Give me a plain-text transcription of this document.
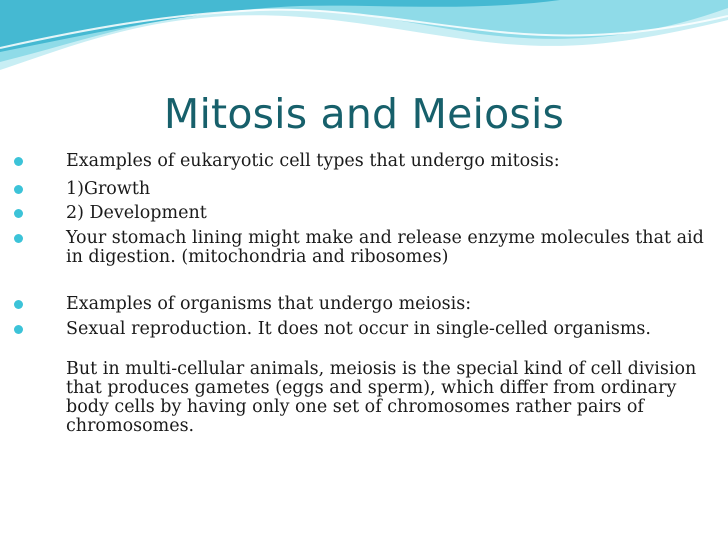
Mitosis and Meiosis
Examples of eukaryotic cell types that undergo mitosis:
1)Growth
2) Development
Your stomach lining might make and release enzyme molecules that aid in digestion. (mitochondria and ribosomes)
Examples of organisms that undergo meiosis:
Sexual reproduction. It does not occur in single-celled organisms.
But in multi-cellular animals, meiosis is the special kind of cell division that produces gametes (eggs and sperm), which differ from ordinary body cells by having only one set of chromosomes rather pairs of chromosomes.
